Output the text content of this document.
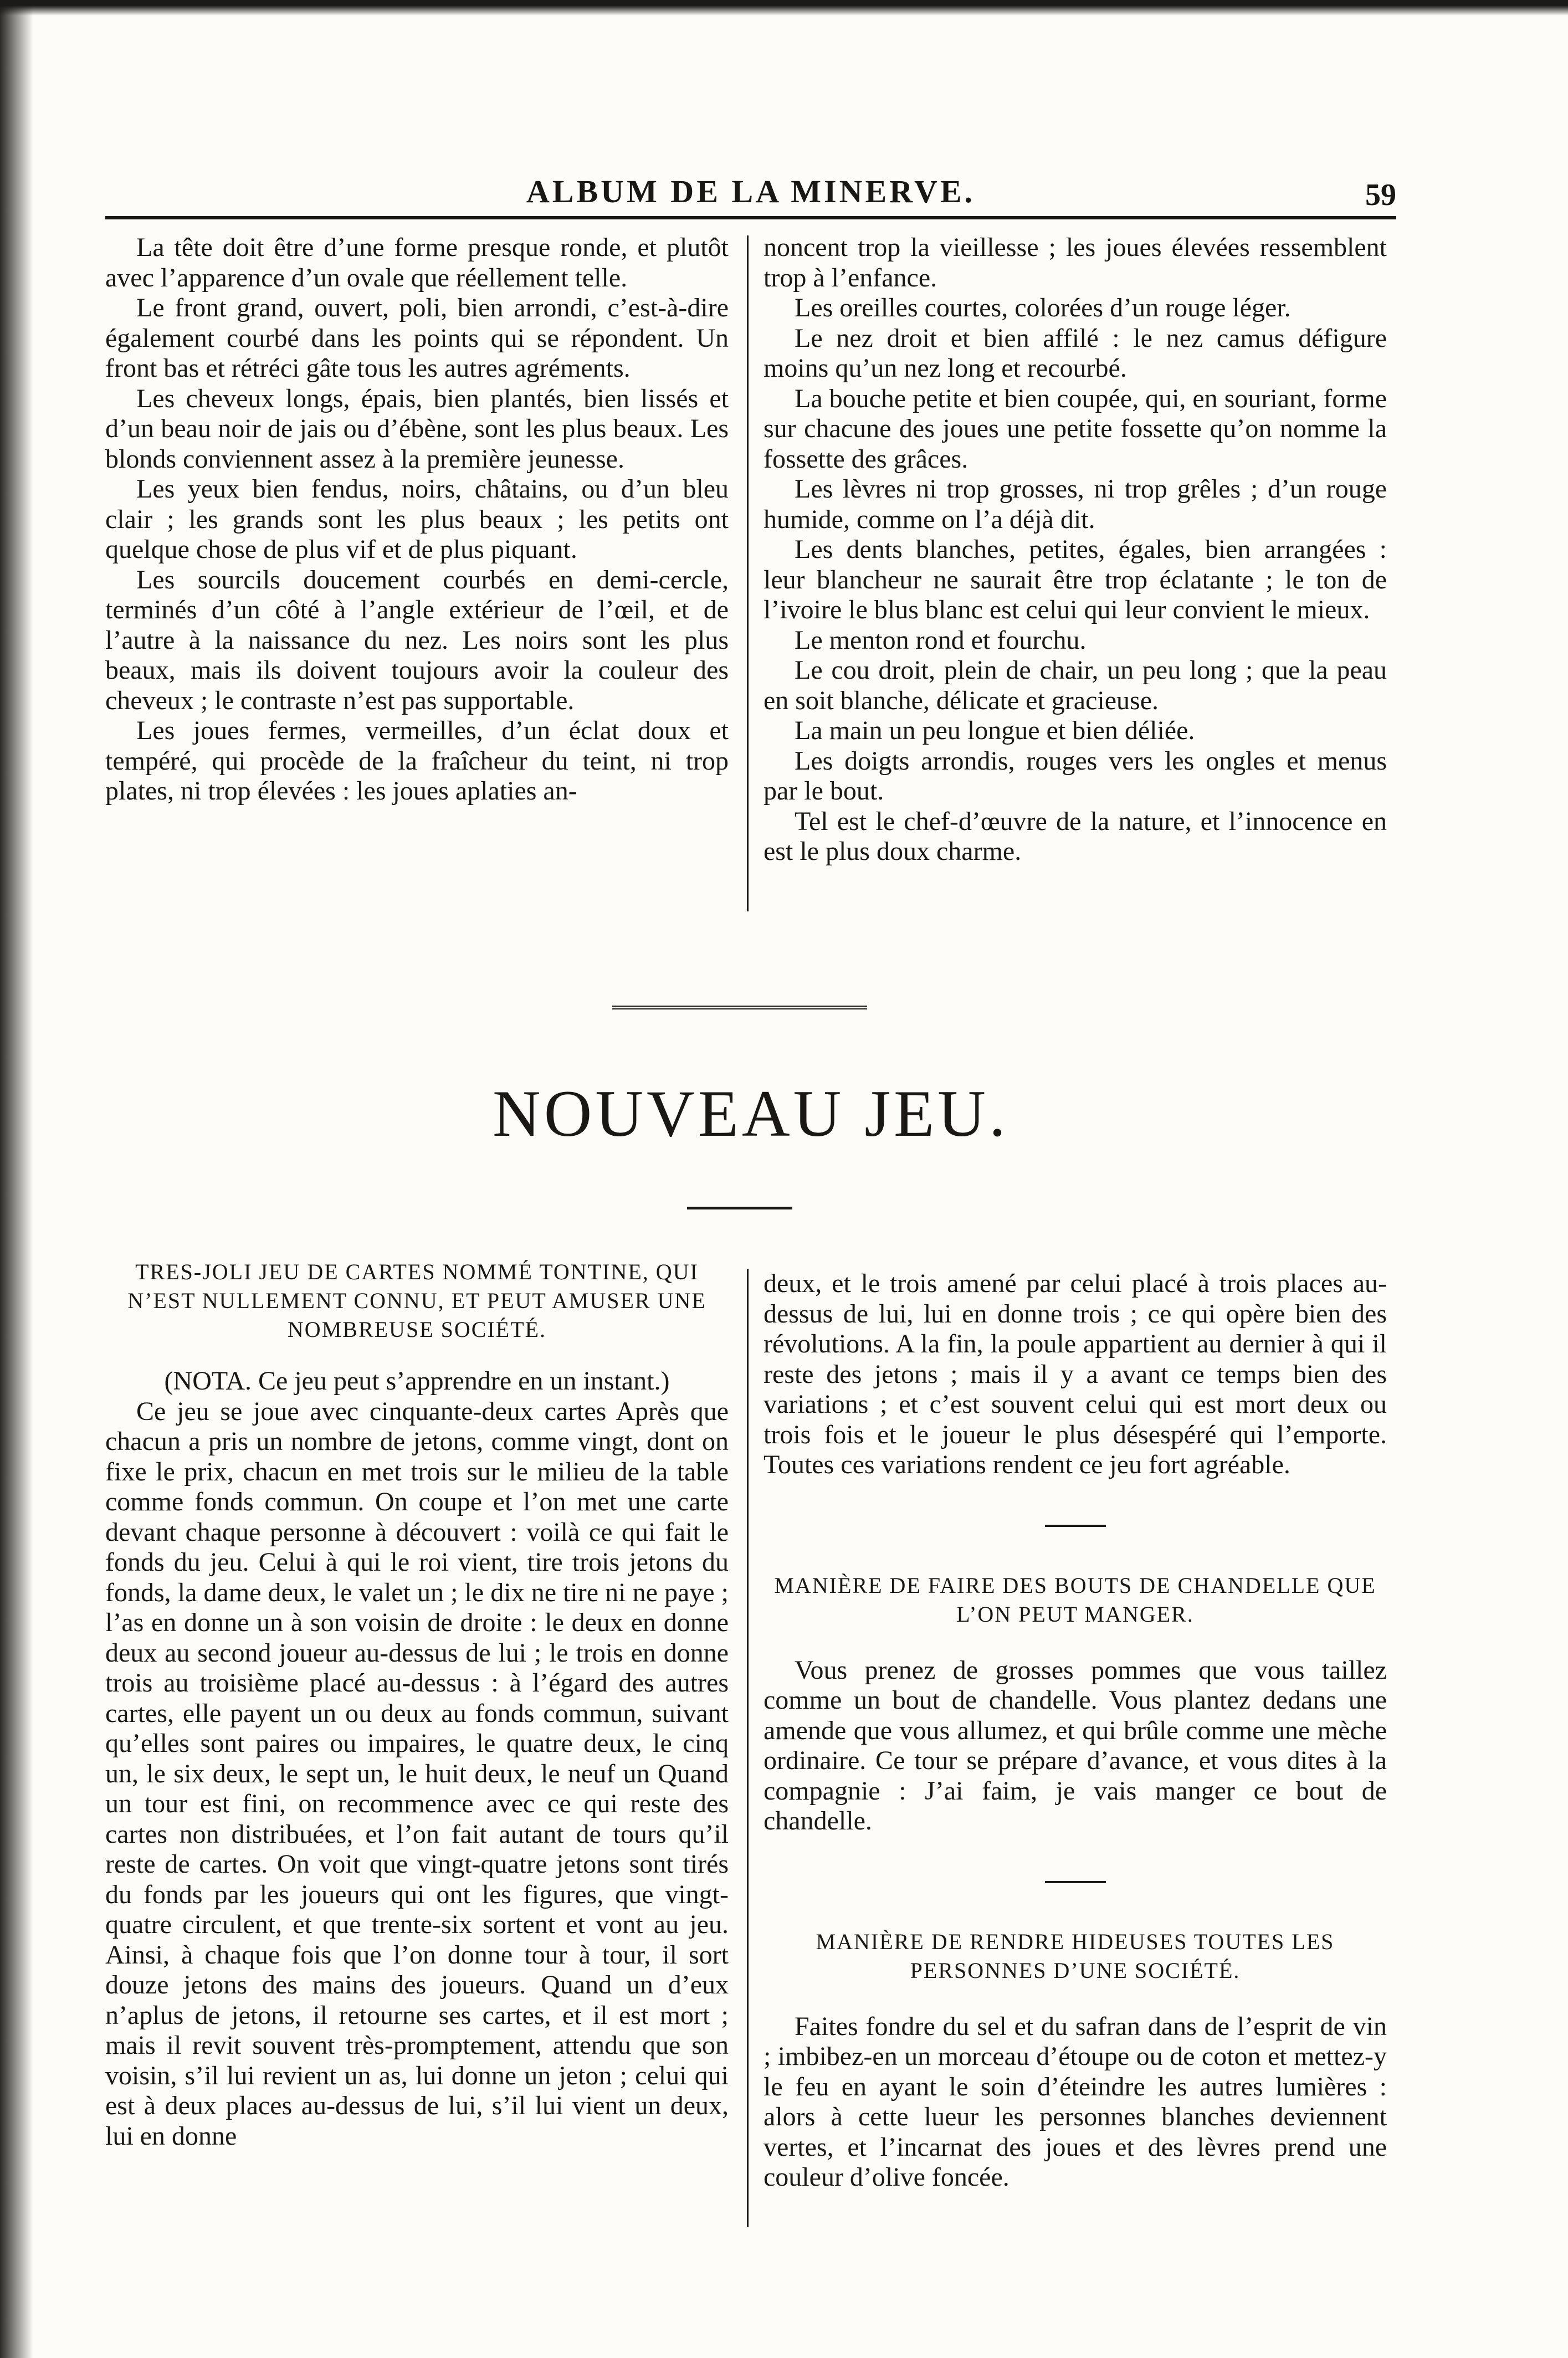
ALBUM DE LA MINERVE.	59

La tête doit être d’une forme presque ronde, et plutôt avec l’apparence d’un ovale que réellement telle.

Le front grand, ouvert, poli, bien arrondi, c’est-à-dire également courbé dans les points qui se répondent. Un front bas et rétréci gâte tous les autres agréments.

Les cheveux longs, épais, bien plantés, bien lissés et d’un beau noir de jais ou d’ébène, sont les plus beaux. Les blonds conviennent assez à la première jeunesse.

Les yeux bien fendus, noirs, châtains, ou d’un bleu clair ; les grands sont les plus beaux ; les petits ont quelque chose de plus vif et de plus piquant.

Les sourcils doucement courbés en demi-cercle, terminés d’un côté à l’angle extérieur de l’œil, et de l’autre à la naissance du nez. Les noirs sont les plus beaux, mais ils doivent toujours avoir la couleur des cheveux ; le contraste n’est pas supportable.

Les joues fermes, vermeilles, d’un éclat doux et tempéré, qui procède de la fraîcheur du teint, ni trop plates, ni trop élevées : les joues aplaties an-

noncent trop la vieillesse ; les joues élevées ressemblent trop à l’enfance.

Les oreilles courtes, colorées d’un rouge léger.

Le nez droit et bien affilé : le nez camus défigure moins qu’un nez long et recourbé.

La bouche petite et bien coupée, qui, en souriant, forme sur chacune des joues une petite fossette qu’on nomme la fossette des grâces.

Les lèvres ni trop grosses, ni trop grêles ; d’un rouge humide, comme on l’a déjà dit.

Les dents blanches, petites, égales, bien arrangées : leur blancheur ne saurait être trop éclatante ; le ton de l’ivoire le blus blanc est celui qui leur convient le mieux.

Le menton rond et fourchu.

Le cou droit, plein de chair, un peu long ; que la peau en soit blanche, délicate et gracieuse.

La main un peu longue et bien déliée.

Les doigts arrondis, rouges vers les ongles et menus par le bout.

Tel est le chef-d’œuvre de la nature, et l’innocence en est le plus doux charme.

NOUVEAU JEU.
TRES-JOLI JEU DE CARTES NOMMÉ TONTINE, QUI N’EST NULLEMENT CONNU, ET PEUT AMUSER UNE NOMBREUSE SOCIÉTÉ.

(NOTA. Ce jeu peut s’apprendre en un instant.)

Ce jeu se joue avec cinquante-deux cartes Après que chacun a pris un nombre de jetons, comme vingt, dont on fixe le prix, chacun en met trois sur le milieu de la table comme fonds commun. On coupe et l’on met une carte devant chaque personne à découvert : voilà ce qui fait le fonds du jeu. Celui à qui le roi vient, tire trois jetons du fonds, la dame deux, le valet un ; le dix ne tire ni ne paye ; l’as en donne un à son voisin de droite : le deux en donne deux au second joueur au-dessus de lui ; le trois en donne trois au troisième placé au-dessus : à l’égard des autres cartes, elle payent un ou deux au fonds commun, suivant qu’elles sont paires ou impaires, le quatre deux, le cinq un, le six deux, le sept un, le huit deux, le neuf un Quand un tour est fini, on recommence avec ce qui reste des cartes non distribuées, et l’on fait autant de tours qu’il reste de cartes. On voit que vingt-quatre jetons sont tirés du fonds par les joueurs qui ont les figures, que vingt-quatre circulent, et que trente-six sortent et vont au jeu. Ainsi, à chaque fois que l’on donne tour à tour, il sort douze jetons des mains des joueurs. Quand un d’eux n’aplus de jetons, il retourne ses cartes, et il est mort ; mais il revit souvent très-promptement, attendu que son voisin, s’il lui revient un as, lui donne un jeton ; celui qui est à deux places au-dessus de lui, s’il lui vient un deux, lui en donne

deux, et le trois amené par celui placé à trois places au-dessus de lui, lui en donne trois ; ce qui opère bien des révolutions. A la fin, la poule appartient au dernier à qui il reste des jetons ; mais il y a avant ce temps bien des variations ; et c’est souvent celui qui est mort deux ou trois fois et le joueur le plus désespéré qui l’emporte. Toutes ces variations rendent ce jeu fort agréable.

MANIÈRE DE FAIRE DES BOUTS DE CHANDELLE QUE L’ON PEUT MANGER.

Vous prenez de grosses pommes que vous taillez comme un bout de chandelle. Vous plantez dedans une amende que vous allumez, et qui brûle comme une mèche ordinaire. Ce tour se prépare d’avance, et vous dites à la compagnie : J’ai faim, je vais manger ce bout de chandelle.

MANIÈRE DE RENDRE HIDEUSES TOUTES LES PERSONNES D’UNE SOCIÉTÉ.

Faites fondre du sel et du safran dans de l’esprit de vin ; imbibez-en un morceau d’étoupe ou de coton et mettez-y le feu en ayant le soin d’éteindre les autres lumières : alors à cette lueur les personnes blanches deviennent vertes, et l’incarnat des joues et des lèvres prend une couleur d’olive foncée.
